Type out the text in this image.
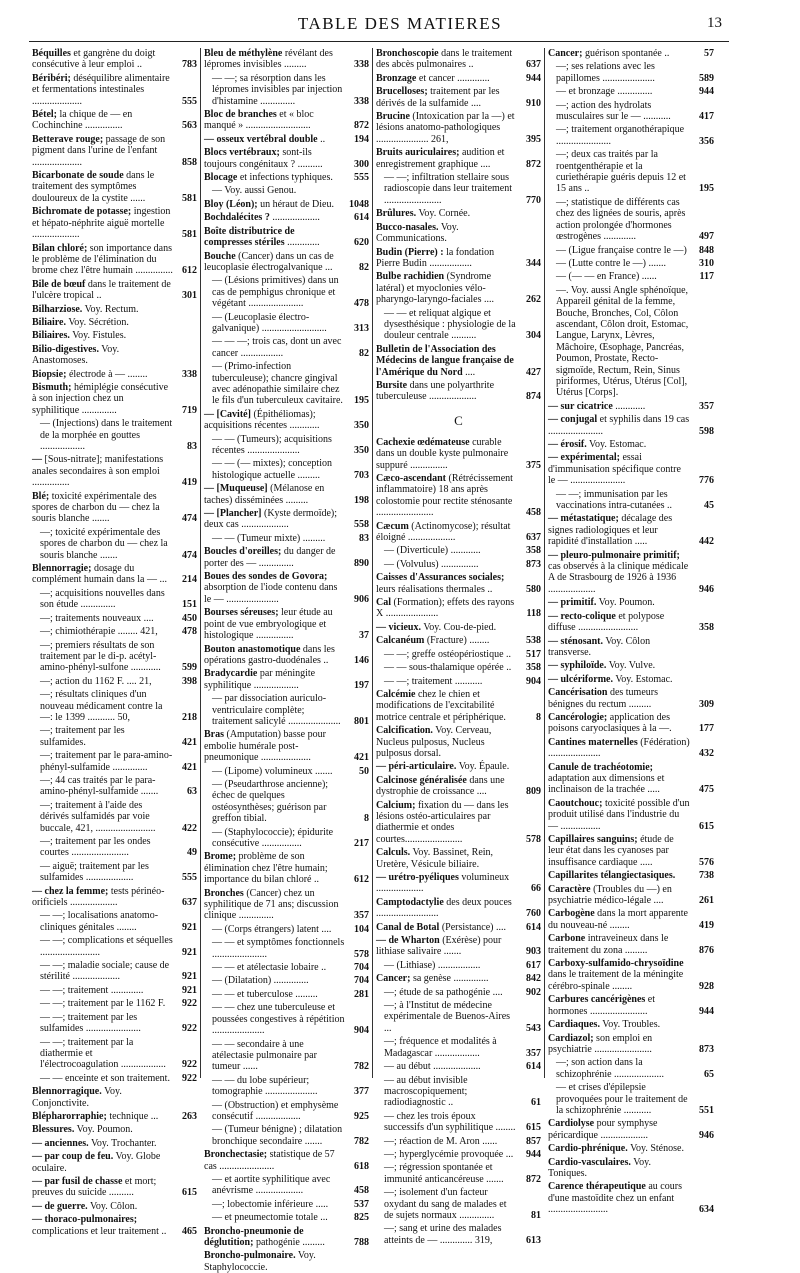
TABLE DES MATIERES	13
Béquilles et gangrène du doigt consécutive à leur emploi ..	783
Béribéri; déséquilibre alimentaire et fermentations intestinales ....................	555
Bétel; la chique de — en Cochinchine ...............	563
Betterave rouge; passage de son pigment dans l'urine de l'enfant ....................	858
Bicarbonate de soude dans le traitement des symptômes douloureux de la cystite ......	581
Bichromate de potasse; ingestion et hépato-néphrite aiguë mortelle ...................	581
Bilan chloré; son importance dans le problème de l'élimination du brome chez l'être humain ............... 612
Bile de bœuf dans le traitement de l'ulcère tropical ..	301
Bilharziose. Voy. Rectum.
Biliaire. Voy. Sécrétion.
Biliaires. Voy. Fistules.
Bilio-digestives. Voy. Anastomoses.
Biopsie; électrode à — ........	338
Bismuth; hémiplégie consécutive à son injection chez un syphilitique ..............	719
— (Injections) dans le traitement de la morphée en gouttes ..................	83
— [Sous-nitrate]; manifestations anales secondaires à son emploi ...............	419
Blé; toxicité expérimentale des spores de charbon du — chez la souris blanche .......	474
—; toxicité expérimentale des spores de charbon du — chez la souris blanche .......	474
Blennorragie; dosage du complément humain dans la — ...	214
—; acquisitions nouvelles dans son étude ..............	151
—; traitements nouveaux ....	450
—; chimiothérapie ........ 421,	478
—; premiers résultats de son traitement par le di-p. acétyl-amino-phényl-sulfone ............	599
—; action du 1162 F. .... 21,	398
—; résultats cliniques d'un nouveau médicament contre la —: le 1399 ........... 50,	218
—; traitement par les sulfamides.	421
—; traitement par le para-amino-phényl-sulfamide ..............	421
—; 44 cas traités par le para-amino-phényl-sulfamide .......	63
—; traitement à l'aide des dérivés sulfamidés par voie buccale, 421, ........................	422
—; traitement par les ondes courtes .......................	49
— aiguë; traitement par les sulfamides ...................	555
— chez la femme; tests périnéo-orificiels ...................	637
— —; localisations anatomo-cliniques génitales ........	921
— —; complications et séquelles ........................	921
— —; maladie sociale; cause de stérilité ...................	921
— —; traitement .............	921
— —; traitement par le 1162 F.	922
— —; traitement par les sulfamides ......................	922
— —; traitement par la diathermie et l'électrocoagulation ..................	922
— — enceinte et son traitement.	922
Blennorragique. Voy. Conjonctivite.
Blépharorraphie; technique ...	263
Blessures. Voy. Poumon.
— anciennes. Voy. Trochanter.
— par coup de feu. Voy. Globe oculaire.
— par fusil de chasse et mort; preuves du suicide ..........	615
— de guerre. Voy. Côlon.
— thoraco-pulmonaires; complications et leur traitement ..	465
Bleu de méthylène révélant des lépromes invisibles .........	338
— —; sa résorption dans les lépromes invisibles par injection d'histamine ..............	338
Bloc de branches et « bloc manqué » ..........................	872
— osseux vertébral double ..	194
Blocs vertébraux; sont-ils toujours congénitaux ? ..........	300
Blocage et infections typhiques.	555
— Voy. aussi Genou.
Bloy (Léon); un héraut de Dieu.	1048
Bochdalécites ? ...................	614
Boîte distributrice de compresses stériles .............	620
Bouche (Cancer) dans un cas de leucoplasie électrogalvanique ...	82
— (Lésions primitives) dans un cas de pemphigus chronique et végétant ......................	478
— (Leucoplasie électro-galvanique) ..........................	313
— — —; trois cas, dont un avec cancer .................	82
— (Primo-infection tuberculeuse); chancre gingival avec adénopathie similaire chez le fils d'un tuberculeux cavitaire.	195
— [Cavité] (Épithéliomas); acquisitions récentes ............	350
— — (Tumeurs); acquisitions récentes .....................	350
— — (— mixtes); conception histologique actuelle .........	703
— [Muqueuse] (Mélanose en taches) disséminées .........	198
— [Plancher] (Kyste dermoïde); deux cas ...................	558
— — (Tumeur mixte) .........	83
Boucles d'oreilles; du danger de porter des — ..............	890
Boues des sondes de Govora; absorption de l'iode contenu dans le — .....................	906
Bourses séreuses; leur étude au point de vue embryologique et histologique ...............	37
Bouton anastomotique dans les opérations gastro-duodénales ..	146
Bradycardie par méningite syphilitique ..................	197
— par dissociation auriculo-ventriculaire complète; traitement salicylé .....................	801
Bras (Amputation) basse pour embolie humérale post-pneumonique ....................	421
— (Lipome) volumineux .......	50
— (Pseudarthrose ancienne); échec de quelques ostéosynthèses; guérison par greffon tibial.	8
— (Staphylococcie); épidurite consécutive ................	217
Brome; problème de son élimination chez l'être humain; importance du bilan chloré ..	612
Bronches (Cancer) chez un syphilitique de 71 ans; discussion clinique ..............	357
— (Corps étrangers) latent ....	104
— — et symptômes fonctionnels ......................	578
— — et atélectasie lobaire ..	704
— (Dilatation) ..............	704
— — et tuberculose .........	281
— — chez une tuberculeuse et poussées congestives à répétition .....................	904
— — secondaire à une atélectasie pulmonaire par tumeur ......	782
— — du lobe supérieur; tomographie .....................	377
— (Obstruction) et emphysème consécutif ..................	925
— (Tumeur bénigne) ; dilatation bronchique secondaire .......	782
Bronchectasie; statistique de 57 cas ......................	618
— et aortite syphilitique avec anévrisme ...................	458
—; lobectomie inférieure .....	537
— et pneumectomie totale ...	825
Broncho-pneumonie de déglutition; pathogénie .........	788
Broncho-pulmonaire. Voy. Staphylococcie.
Bronchoscopie dans le traitement des abcès pulmonaires ..	637
Bronzage et cancer .............	944
Brucelloses; traitement par les dérivés de la sulfamide ....	910
Brucine (Intoxication par la —) et lésions anatomo-pathologiques ..................... 261,	395
Bruits auriculaires; audition et enregistrement graphique ....	872
— —; infiltration stellaire sous radioscopie dans leur traitement .......................	770
Brûlures. Voy. Cornée.
Bucco-nasales. Voy. Communications.
Budin (Pierre) : la fondation Pierre Budin .................	344
Bulbe rachidien (Syndrome latéral) et myoclonies vélo-pharyngo-laryngo-faciales ....	262
— — et reliquat algique et dysesthésique : physiologie de la douleur centrale ..........	304
Bulletin de l'Association des Médecins de langue française de l'Amérique du Nord ....	427
Bursite dans une polyarthrite tuberculeuse ...................	874
C
Cachexie œdémateuse curable dans un double kyste pulmonaire suppuré ...............	375
Cæco-ascendant (Rétrécissement inflammatoire) 18 ans après colostomie pour rectite sténosante .......................	458
Cæcum (Actinomycose); résultat éloigné ...................	637
— (Diverticule) ............	358
— (Volvulus) ...............	873
Caisses d'Assurances sociales; leurs réalisations thermales ..	580
Cal (Formation); effets des rayons X .....................	118
— vicieux. Voy. Cou-de-pied.
Calcanéum (Fracture) ........	538
— —; greffe ostéopériostique ..	517
— — sous-thalamique opérée ..	358
— —; traitement ...........	904
Calcémie chez le chien et modifications de l'excitabilité motrice centrale et périphérique.	8
Calcification. Voy. Cerveau, Nucleus pulposus, Nucleus pulposus dorsal.
— péri-articulaire. Voy. Épaule.
Calcinose généralisée dans une dystrophie de croissance ....	809
Calcium; fixation du — dans les lésions ostéo-articulaires par diathermie et ondes courtes.......................	578
Calculs. Voy. Bassinet, Rein, Uretère, Vésicule biliaire.
— urétro-pyéliques volumineux ...................	66
Camptodactylie des deux pouces .........................	760
Canal de Botal (Persistance) ....	614
— de Wharton (Exérèse) pour lithiase salivaire .......	903
— (Lithiase) .................	617
Cancer; sa genèse ..............	842
—; étude de sa pathogénie ....	902
—; à l'Institut de médecine expérimentale de Buenos-Aires ...	543
—; fréquence et modalités à Madagascar ..................	357
— au début ...................	614
— au début invisible macroscopiquement; radiodiagnostic ..	61
— chez les trois époux successifs d'un syphilitique ........	615
—; réaction de M. Aron ......	857
—; hyperglycémie provoquée ...	944
—; régression spontanée et immunité anticancéreuse .......	872
—; isolement d'un facteur oxydant du sang de malades et de sujets normaux ..............	81
—; sang et urine des malades atteints de — ............. 319,	613
Cancer; guérison spontanée ..	57
—; ses relations avec les papillomes .....................	589
— et bronzage ..............	944
—; action des hydrolats musculaires sur le — ...........	417
—; traitement organothérapique ......................	356
—; deux cas traités par la roentgenthérapie et la curiethérapie guéris depuis 12 et 15 ans ..	195
—; statistique de différents cas chez des lignées de souris, après action prolongée d'hormones œstrogènes .............	497
— (Ligue française contre le —)	848
— (Lutte contre le —) .......	310
— (— — en France) ......	117
—. Voy. aussi Angle sphénoïque, Appareil génital de la femme, Bouche, Bronches, Col, Côlon ascendant, Côlon droit, Estomac, Langue, Larynx, Lèvres, Mâchoire, Œsophage, Pancréas, Poumon, Prostate, Recto-sigmoïde, Rectum, Rein, Sinus piriformes, Utérus, Utérus [Col], Utérus [Corps].
— sur cicatrice ............	357
— conjugal et syphilis dans 19 cas ......................	598
— érosif. Voy. Estomac.
— expérimental; essai d'immunisation spécifique contre le — ......................	776
— —; immunisation par les vaccinations intra-cutanées ..	45
— métastatique; décalage des signes radiologiques et leur rapidité d'installation .....	442
— pleuro-pulmonaire primitif; cas observés à la clinique médicale A de Strasbourg de 1926 à 1936 ...................	946
— primitif. Voy. Poumon.
— recto-colique et polypose diffuse ........................	358
— sténosant. Voy. Côlon transverse.
— syphiloïde. Voy. Vulve.
— ulcériforme. Voy. Estomac.
Cancérisation des tumeurs bénignes du rectum .........	309
Cancérologie; application des poisons caryoclasiques à la —.	177
Cantines maternelles (Fédération) .....................	432
Canule de trachéotomie; adaptation aux dimensions et inclinaison de la trachée .....	475
Caoutchouc; toxicité possible d'un produit utilisé dans l'industrie du — ................	615
Capillaires sanguins; étude de leur état dans les cyanoses par insuffisance cardiaque .....	576
Capillarites télangiectasiques.	738
Caractère (Troubles du —) en psychiatrie médico-légale ....	261
Carbogène dans la mort apparente du nouveau-né ........	419
Carbone intraveineux dans le traitement du zona .........	876
Carboxy-sulfamido-chrysoïdine dans le traitement de la méningite cérébro-spinale ........	928
Carbures cancérigènes et hormones .......................	944
Cardiaques. Voy. Troubles.
Cardiazol; son emploi en psychiatrie .......................	873
—; son action dans la schizophrénie ....................	65
— et crises d'épilepsie provoquées pour le traitement de la schizophrénie ...........	551
Cardiolyse pour symphyse péricardique ...................	946
Cardio-phrénique. Voy. Sténose.
Cardio-vasculaires. Voy. Toniques.
Carence thérapeutique au cours d'une mastoïdite chez un enfant ........................	634
